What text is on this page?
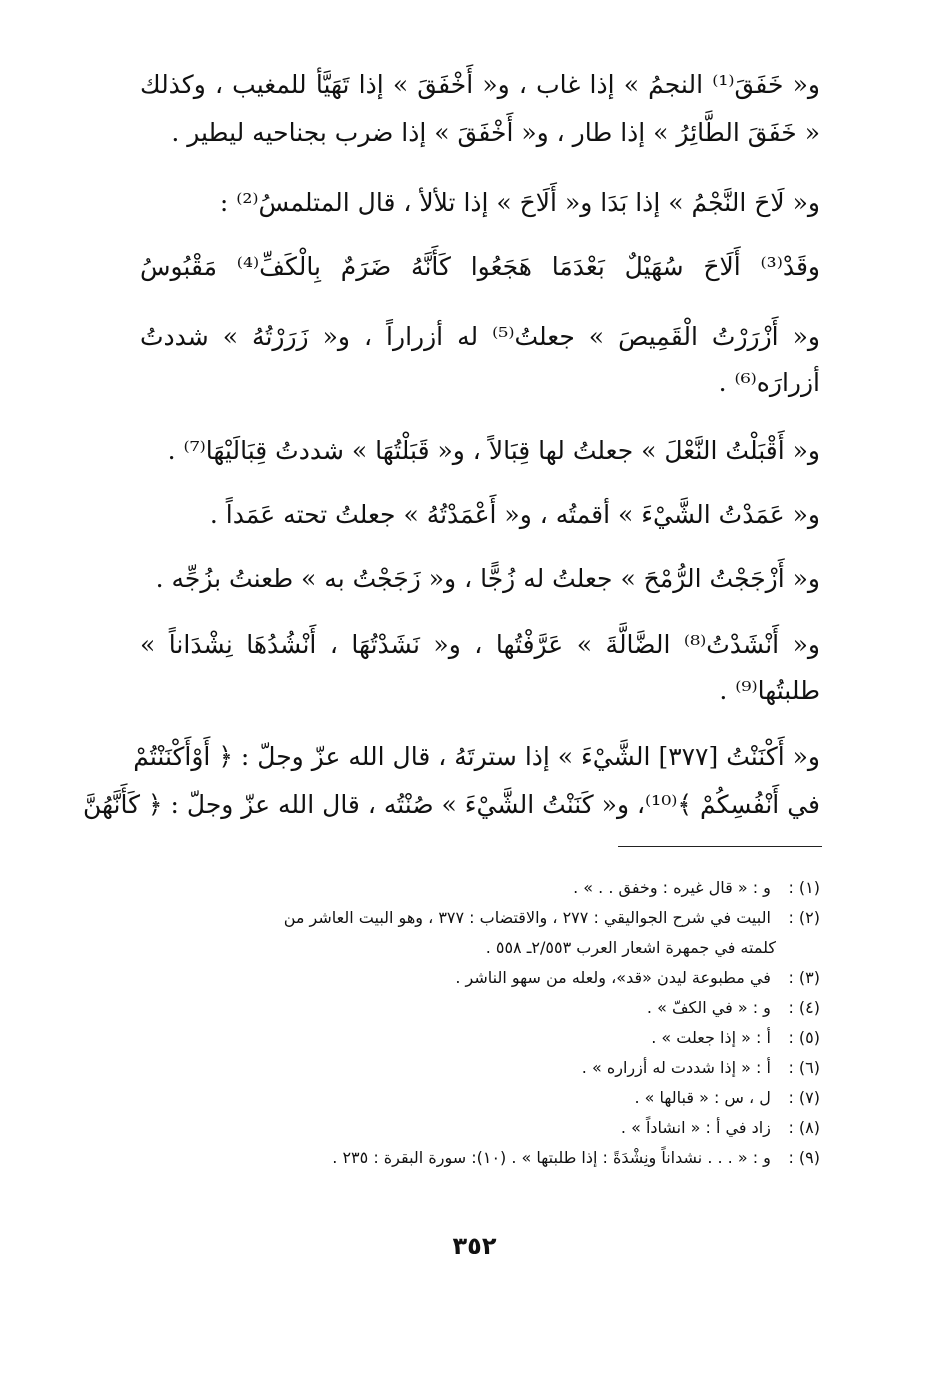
و« خَفَقَ⁽¹⁾ النجمُ » إذا غاب ، و« أَخْفَقَ » إذا تَهَيَّأ للمغيب ، وكذلك
« خَفَقَ الطَّائِرُ » إذا طار ، و« أَخْفَقَ » إذا ضرب بجناحيه ليطير .
و« لَاحَ النَّجْمُ » إذا بَدَا و« أَلَاحَ » إذا تلألأ ، قال المتلمسُ⁽²⁾ :
وقَدْ⁽³⁾ أَلَاحَ سُهَيْلٌ بَعْدَمَا هَجَعُوا كَأَنَّهُ ضَرَمٌ بِالْكَفِّ⁽⁴⁾ مَقْبُوسُ
و« أَزْرَرْتُ الْقَمِيصَ » جعلتُ⁽⁵⁾ له أزراراً ، و« زَرَرْتُهُ » شددتُ
أزرارَه⁽⁶⁾ .
و« أَقْبَلْتُ النَّعْلَ » جعلتُ لها قِبَالاً ، و« قَبَلْتُهَا » شددتُ قِبَالَيْهَا⁽⁷⁾ .
و« عَمَدْتُ الشَّيْءَ » أقمتُه ، و« أَعْمَدْتُهُ » جعلتُ تحته عَمَداً .
و« أَزْجَجْتُ الرُّمْحَ » جعلتُ له زُجًّا ، و« زَجَجْتُ به » طعنتُ بزُجِّه .
و« أَنْشَدْتُ⁽⁸⁾ الضَّالَّةَ » عَرَّفْتُها ، و« نَشَدْتُهَا ، أَنْشُدُهَا نِشْدَاناً »
طلبتُها⁽⁹⁾ .
و« أَكْنَنْتُ [٣٧٧] الشَّيْءَ » إذا سترتَهُ ، قال الله عزّ وجلّ : ﴿ أَوْأَكْنَنْتُمْ
في أَنْفُسِكُمْ ﴾⁽¹⁰⁾، و« كَنَنْتُ الشَّيْءَ » صُنْتُه ، قال الله عزّ وجلّ : ﴿ كَأَنَّهُنَّ
(١) : و : « قال غيره : وخفق . . » .
(٢) : البيت في شرح الجواليقي : ٢٧٧ ، والاقتضاب : ٣٧٧ ، وهو البيت العاشر من
كلمته في جمهرة اشعار العرب ٢/٥٥٣ـ ٥٥٨ .
(٣) : في مطبوعة ليدن «قد»، ولعله من سهو الناشر .
(٤) : و : « في الكفّ » .
(٥) : أ : « إذا جعلت » .
(٦) : أ : « إذا شددت له أزراره » .
(٧) : ل ، س : « قبالها » .
(٨) : زاد في أ : « انشاداً » .
(٩) : و : « . . . نشداناً ونِشْدَةً : إذا طلبتها » . (١٠): سورة البقرة : ٢٣٥ .
٣٥٢
